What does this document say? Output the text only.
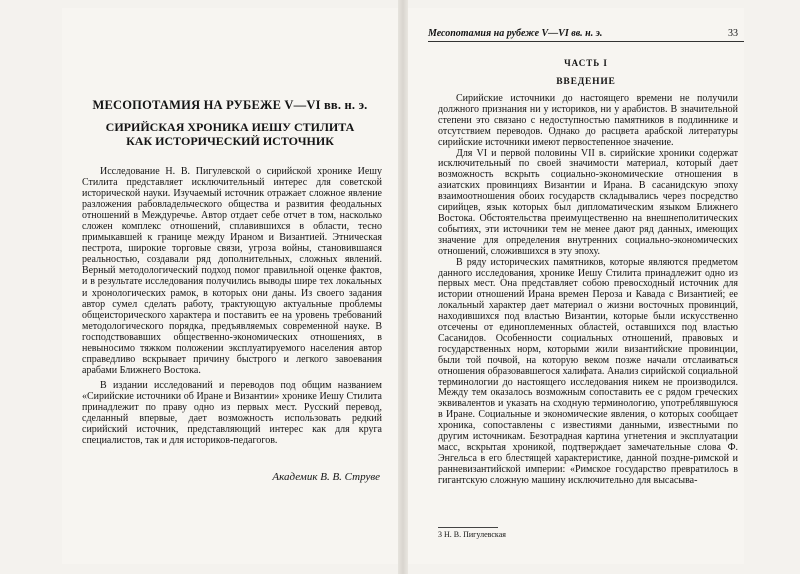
МЕСОПОТАМИЯ НА РУБЕЖЕ V—VI вв. н. э.
СИРИЙСКАЯ ХРОНИКА ИЕШУ СТИЛИТА
КАК ИСТОРИЧЕСКИЙ ИСТОЧНИК

Исследование Н. В. Пигулевской о сирийской хронике Иешу Стилита представляет исключительный интерес для советской исторической науки. Изучаемый источник отражает сложное явление разложения рабовладельческого общества и развития феодальных отношений в Междуречье. Автор отдает себе отчет в том, насколько сложен комплекс отношений, сплавившихся в области, тесно примыкавшей к границе между Ираном и Византией. Этническая пестрота, широкие торговые связи, угроза войны, становившаяся реальностью, создавали ряд дополнительных, сложных явлений. Верный методологический подход помог правильной оценке фактов, и в результате исследования получились выводы шире тех локальных и хронологических рамок, в которых они даны. Из своего задания автор сумел сделать работу, трактующую актуальные проблемы общеисторического характера и поставить ее на уровень требований методологического порядка, предъявляемых современной науке. В господствовавших общественно-экономических отношениях, в невыносимо тяжком положении эксплуатируемого населения автор справедливо вскрывает причину быстрого и легкого завоевания арабами Ближнего Востока.

В издании исследований и переводов под общим названием «Сирийские источники об Иране и Византии» хронике Иешу Стилита принадлежит по праву одно из первых мест. Русский перевод, сделанный впервые, дает возможность использовать редкий сирийский источник, представляющий интерес как для круга специалистов, так и для историков-педагогов.

Академик В. В. Струве
Месопотамия на рубеже V—VI вв. н. э.	33
ЧАСТЬ I
ВВЕДЕНИЕ

Сирийские источники до настоящего времени не получили должного признания ни у историков, ни у арабистов. В значительной степени это связано с недоступностью памятников в подлиннике и отсутствием переводов. Однако до расцвета арабской литературы сирийские источники имеют первостепенное значение.

Для VI и первой половины VII в. сирийские хроники содержат исключительный по своей значимости материал, который дает возможность вскрыть социально-экономические отношения в азиатских провинциях Византии и Ирана. В сасанидскую эпоху взаимоотношения обоих государств складывались через посредство сирийцев, язык которых был дипломатическим языком Ближнего Востока. Обстоятельства преимущественно на внешнеполитических событиях, эти источники тем не менее дают ряд данных, имеющих значение для определения внутренних социально-экономических отношений, сложившихся в эту эпоху.

В ряду исторических памятников, которые являются предметом данного исследования, хронике Иешу Стилита принадлежит одно из первых мест. Она представляет собою превосходный источник для истории отношений Ирана времен Пероза и Кавада с Византией; ее локальный характер дает материал о жизни восточных провинций, находившихся под властью Византии, которые были искусственно отсечены от единоплеменных областей, оставшихся под властью Сасанидов. Особенности социальных отношений, правовых и государственных норм, которыми жили византийские провинции, были той почвой, на которую веком позже начали отслаиваться отношения образовавшегося халифата. Анализ сирийской социальной терминологии до настоящего исследования никем не производился. Между тем оказалось возможным сопоставить ее с рядом греческих эквивалентов и указать на сходную терминологию, употреблявшуюся в Иране. Социальные и экономические явления, о которых сообщает хроника, сопоставлены с известиями данными, известными по другим источникам. Безотрадная картина угнетения и эксплуатации масс, вскрытая хроникой, подтверждает замечательные слова Ф. Энгельса в его блестящей характеристике, данной поздне-римской и ранневизантийской империи: «Римское государство превратилось в гигантскую сложную машину исключительно для высасыва-

3 Н. В. Пигулевская
